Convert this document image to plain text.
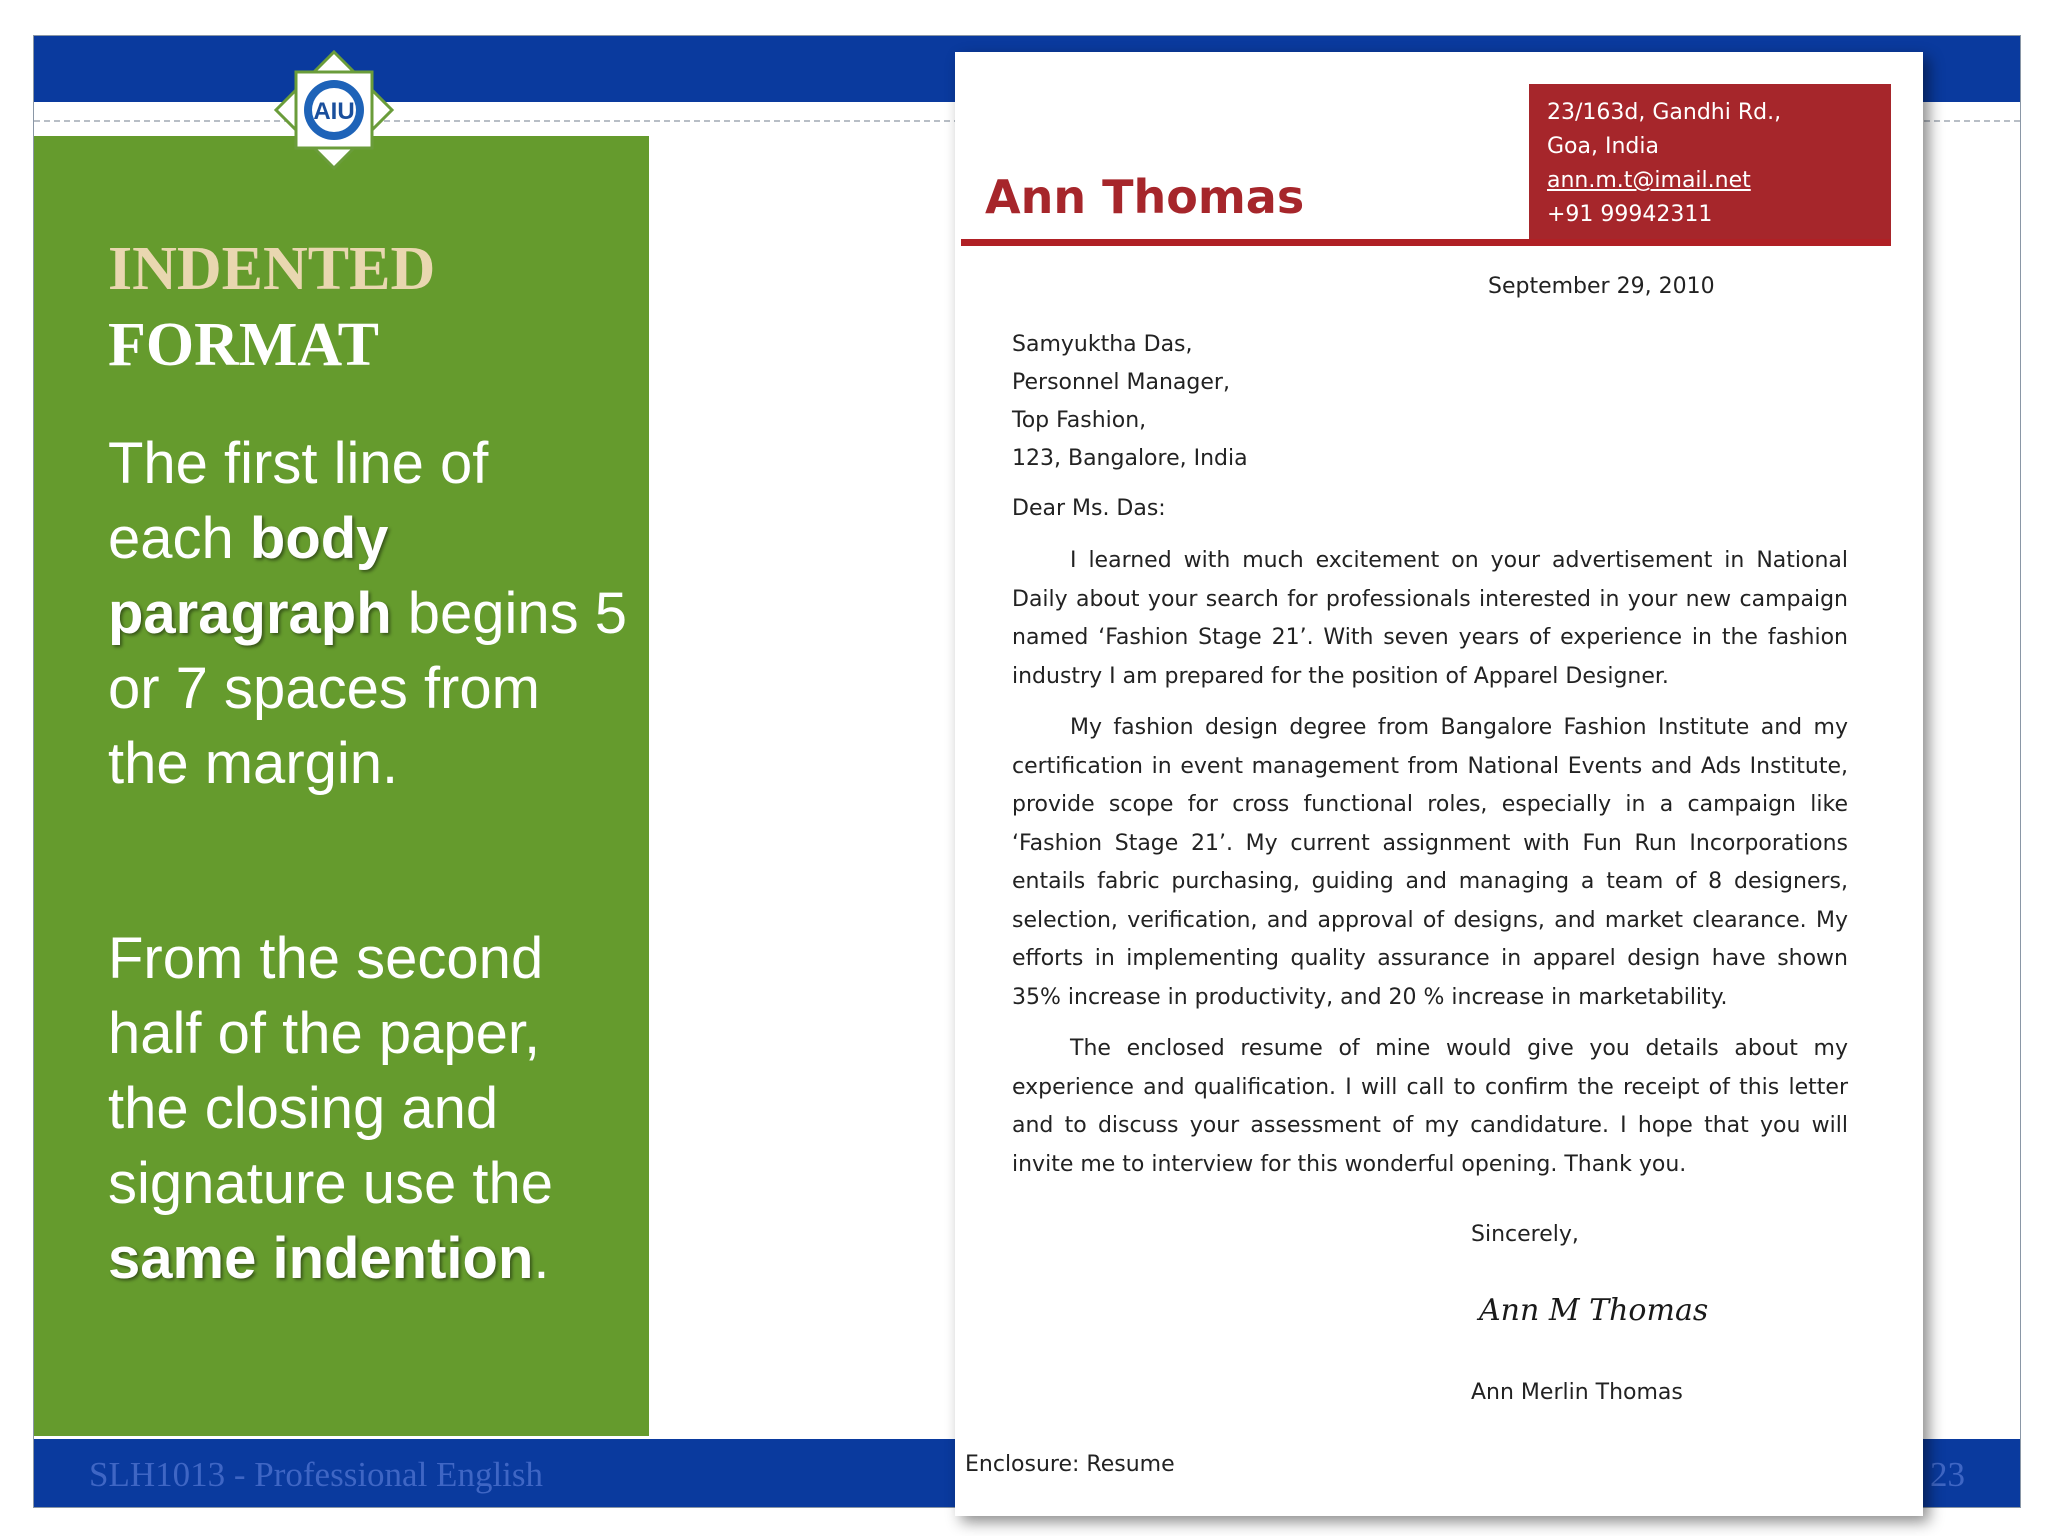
AIU
INDENTED
FORMAT
The first line of each body paragraph begins 5 or 7 spaces from the margin.
From the second half of the paper, the closing and signature use the same indention.
SLH1013 - Professional English	23
23/163d, Gandhi Rd.,
Goa, India
ann.m.t@imail.net
+91 99942311
Ann Thomas
September 29, 2010
Samyuktha Das,
Personnel Manager,
Top Fashion,
123, Bangalore, India
Dear Ms. Das:
I learned with much excitement on your advertisement in National Daily about your search for professionals interested in your new campaign named ‘Fashion Stage 21’. With seven years of experience in the fashion industry I am prepared for the position of Apparel Designer.
My fashion design degree from Bangalore Fashion Institute and my certification in event management from National Events and Ads Institute, provide scope for cross functional roles, especially in a campaign like ‘Fashion Stage 21’. My current assignment with Fun Run Incorporations entails fabric purchasing, guiding and managing a team of 8 designers, selection, verification, and approval of designs, and market clearance. My efforts in implementing quality assurance in apparel design have shown 35% increase in productivity, and 20 % increase in marketability.
The enclosed resume of mine would give you details about my experience and qualification. I will call to confirm the receipt of this letter and to discuss your assessment of my candidature. I hope that you will invite me to interview for this wonderful opening. Thank you.
Sincerely,
Ann M Thomas
Ann Merlin Thomas
Enclosure: Resume
